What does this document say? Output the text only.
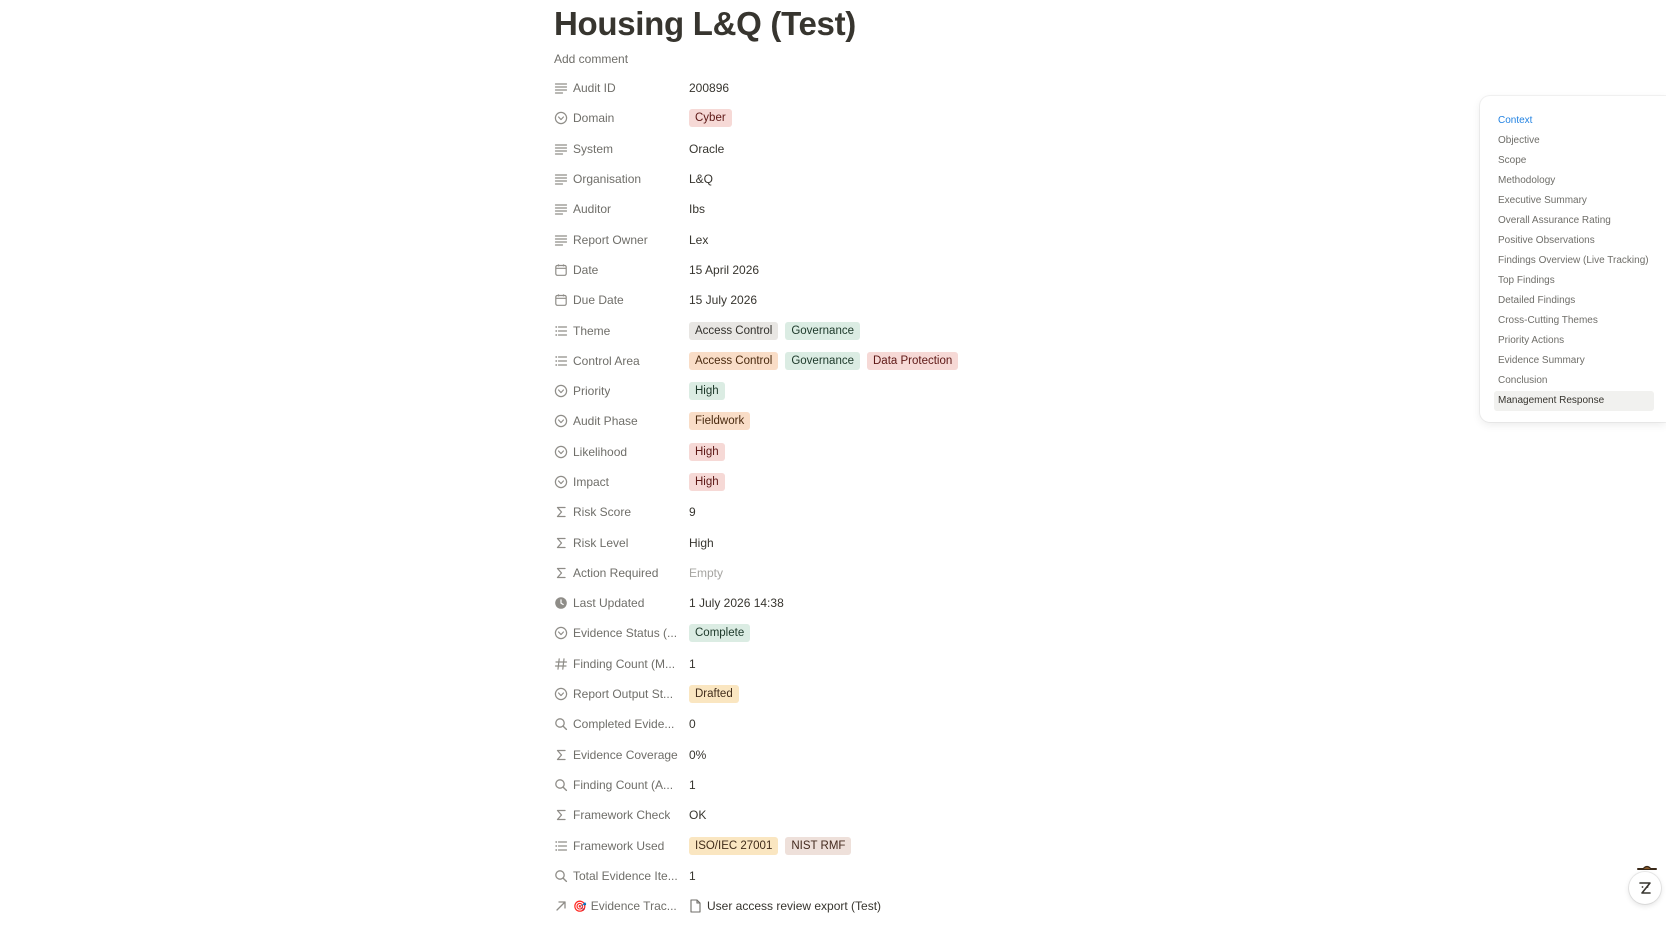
Housing L&Q (Test)
Add comment
Audit ID	200896
Domain	Cyber
System	Oracle
Organisation	L&Q
Auditor	Ibs
Report Owner	Lex
Date	15 April 2026
Due Date	15 July 2026
Theme	Access Control	Governance
Control Area	Access Control	Governance	Data Protection
Priority	High
Audit Phase	Fieldwork
Likelihood	High
Impact	High
Risk Score	9
Risk Level	High
Action Required	Empty
Last Updated	1 July 2026 14:38
Evidence Status (...	Complete
Finding Count (M... 1
Report Output St...	Drafted
Completed Evide... 0
Evidence Coverage 0%
Finding Count (A... 1
Framework Check OK
Framework Used	ISO/IEC 27001	NIST RMF
Total Evidence Ite... 1
🎯 Evidence Trac...	User access review export (Test)
Context
Objective
Scope
Methodology
Executive Summary
Overall Assurance Rating
Positive Observations
Findings Overview (Live Tracking)
Top Findings
Detailed Findings
Cross-Cutting Themes
Priority Actions
Evidence Summary
Conclusion
Management Response
